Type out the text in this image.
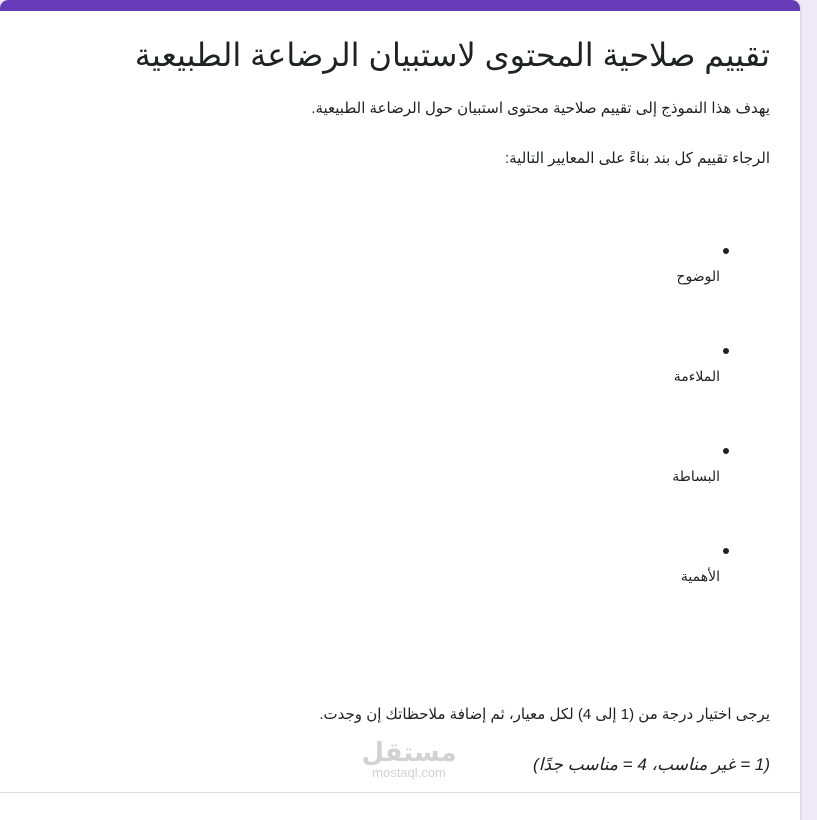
تقييم صلاحية المحتوى لاستبيان الرضاعة الطبيعية

يهدف هذا النموذج إلى تقييم صلاحية محتوى استبيان حول الرضاعة الطبيعية.

الرجاء تقييم كل بند بناءً على المعايير التالية:

الوضوح
الملاءمة
البساطة
الأهمية

يرجى اختيار درجة من (1 إلى 4) لكل معيار، ثم إضافة ملاحظاتك إن وجدت.

(1 = غير مناسب، 4 = مناسب جدًا)

مستقل
mostaql.com
